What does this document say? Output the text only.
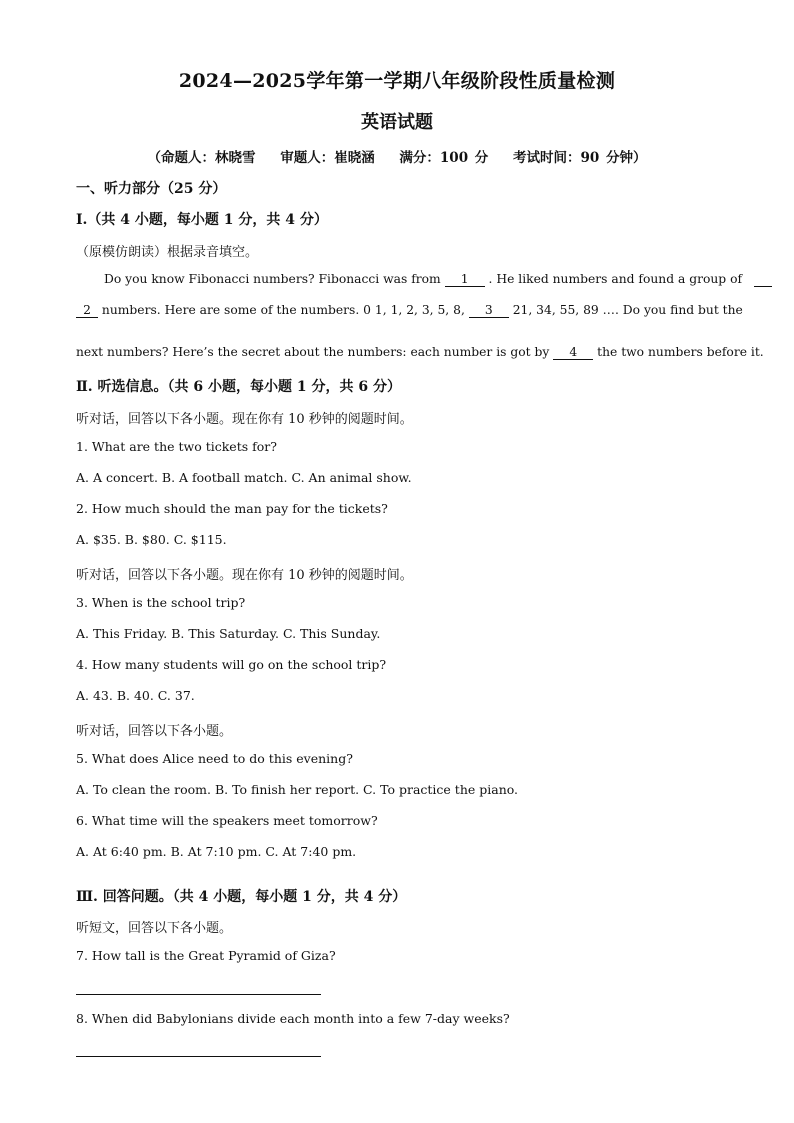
2024—2025学年第一学期八年级阶段性质量检测
英语试题
（命题人：林晓雪 审题人：崔晓涵 满分：100 分 考试时间：90 分钟）
一、听力部分（25 分）
Ⅰ.（共 4 小题，每小题 1 分，共 4 分）
（原模仿朗读）根据录音填空。
Do you know Fibonacci numbers? Fibonacci was from 1 . He liked numbers and found a group of
2 numbers. Here are some of the numbers. 0 1, 1, 2, 3, 5, 8, 3 21, 34, 55, 89 …. Do you find but the
next numbers? Here’s the secret about the numbers: each number is got by 4 the two numbers before it.
Ⅱ. 听选信息。（共 6 小题，每小题 1 分，共 6 分）
听对话，回答以下各小题。现在你有 10 秒钟的阅题时间。
1. What are the two tickets for?
A. A concert. B. A football match. C. An animal show.
2. How much should the man pay for the tickets?
A. $35. B. $80. C. $115.
听对话，回答以下各小题。现在你有 10 秒钟的阅题时间。
3. When is the school trip?
A. This Friday. B. This Saturday. C. This Sunday.
4. How many students will go on the school trip?
A. 43. B. 40. C. 37.
听对话，回答以下各小题。
5. What does Alice need to do this evening?
A. To clean the room. B. To finish her report. C. To practice the piano.
6. What time will the speakers meet tomorrow?
A. At 6:40 pm. B. At 7:10 pm. C. At 7:40 pm.
Ⅲ. 回答问题。（共 4 小题，每小题 1 分，共 4 分）
听短文，回答以下各小题。
7. How tall is the Great Pyramid of Giza?
8. When did Babylonians divide each month into a few 7-day weeks?
